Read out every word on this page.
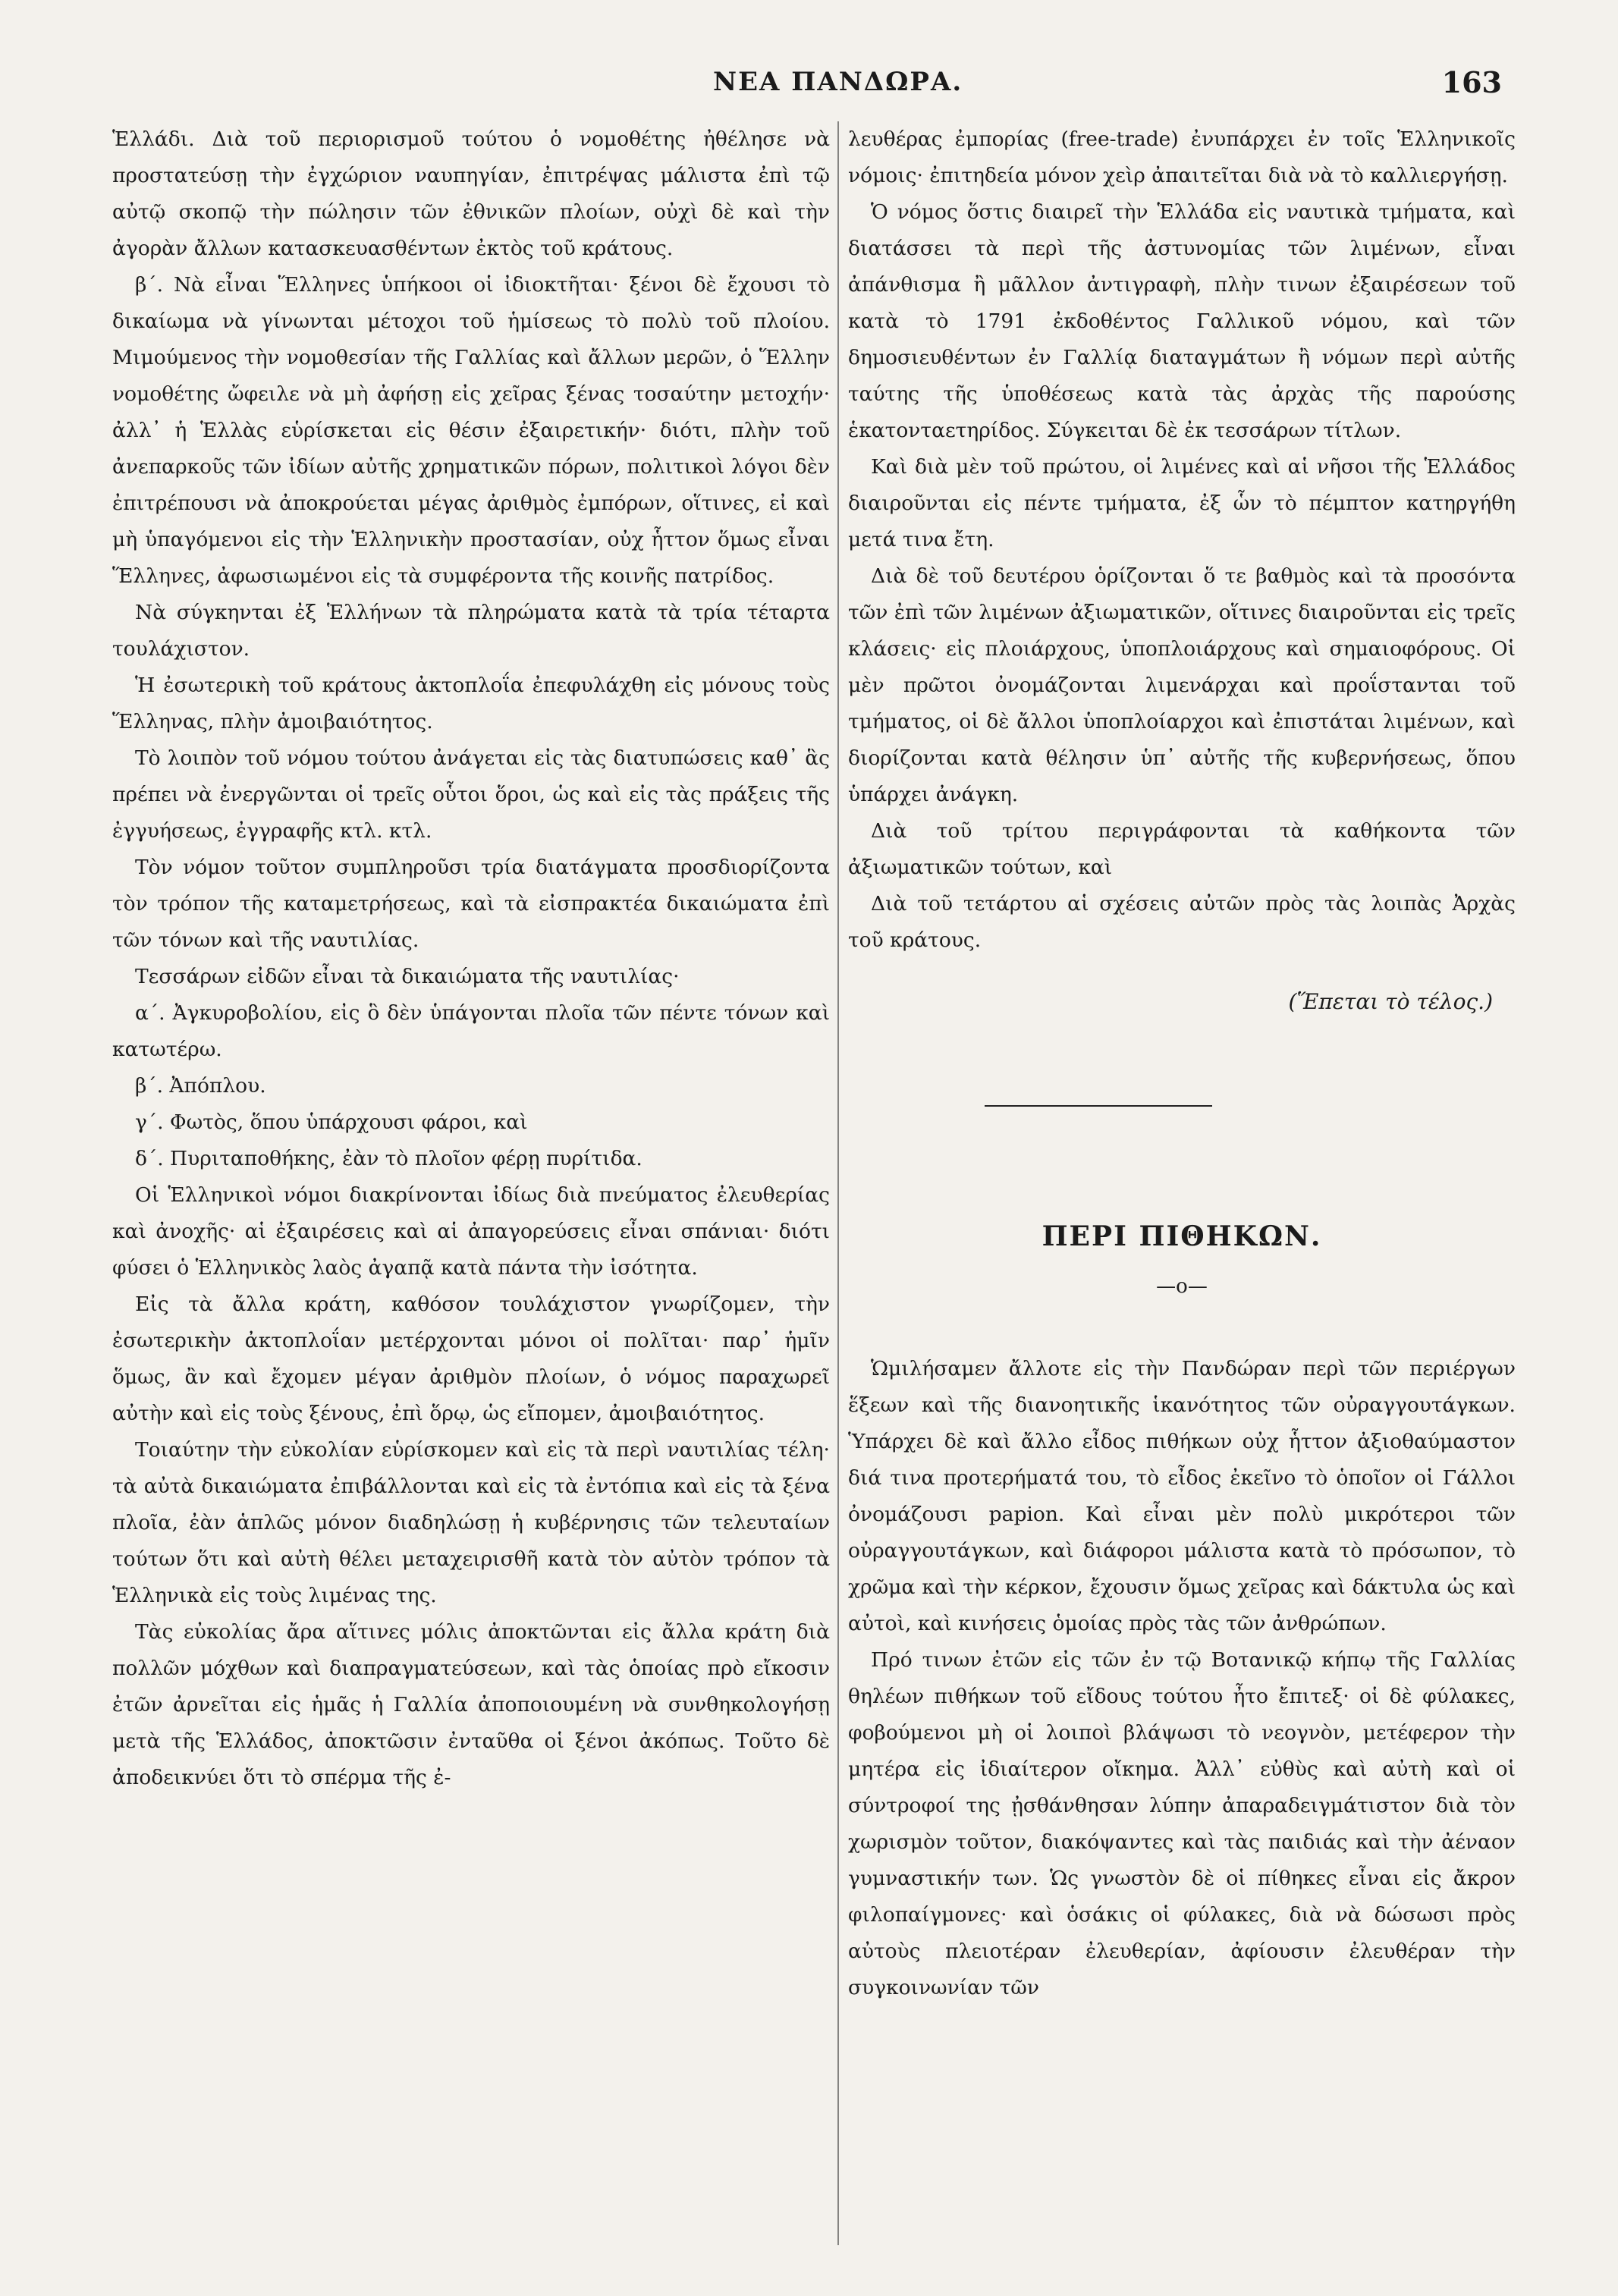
ΝΕΑ ΠΑΝΔΩΡΑ.	163

Ἑλλάδι. Διὰ τοῦ περιορισμοῦ τούτου ὁ νομοθέτης ἠθέλησε νὰ προστατεύσῃ τὴν ἐγχώριον ναυπηγίαν, ἐπιτρέψας μάλιστα ἐπὶ τῷ αὐτῷ σκοπῷ τὴν πώλησιν τῶν ἐθνικῶν πλοίων, οὐχὶ δὲ καὶ τὴν ἀγορὰν ἄλλων κατασκευασθέντων ἐκτὸς τοῦ κράτους.

β΄. Νὰ εἶναι Ἕλληνες ὑπήκοοι οἱ ἰδιοκτῆται· ξένοι δὲ ἔχουσι τὸ δικαίωμα νὰ γίνωνται μέτοχοι τοῦ ἡμίσεως τὸ πολὺ τοῦ πλοίου. Μιμούμενος τὴν νομοθεσίαν τῆς Γαλλίας καὶ ἄλλων μερῶν, ὁ Ἕλλην νομοθέτης ὤφειλε νὰ μὴ ἀφήσῃ εἰς χεῖρας ξένας τοσαύτην μετοχήν· ἀλλ᾽ ἡ Ἑλλὰς εὑρίσκεται εἰς θέσιν ἐξαιρετικήν· διότι, πλὴν τοῦ ἀνεπαρκοῦς τῶν ἰδίων αὐτῆς χρηματικῶν πόρων, πολιτικοὶ λόγοι δὲν ἐπιτρέπουσι νὰ ἀποκρούεται μέγας ἀριθμὸς ἐμπόρων, οἵτινες, εἰ καὶ μὴ ὑπαγόμενοι εἰς τὴν Ἑλληνικὴν προστασίαν, οὐχ ἧττον ὅμως εἶναι Ἕλληνες, ἀφωσιωμένοι εἰς τὰ συμφέροντα τῆς κοινῆς πατρίδος.

Νὰ σύγκηνται ἐξ Ἑλλήνων τὰ πληρώματα κατὰ τὰ τρία τέταρτα τουλάχιστον.

Ἡ ἐσωτερικὴ τοῦ κράτους ἀκτοπλοΐα ἐπεφυλάχθη εἰς μόνους τοὺς Ἕλληνας, πλὴν ἀμοιβαιότητος.

Τὸ λοιπὸν τοῦ νόμου τούτου ἀνάγεται εἰς τὰς διατυπώσεις καθ᾽ ἃς πρέπει νὰ ἐνεργῶνται οἱ τρεῖς οὗτοι ὅροι, ὡς καὶ εἰς τὰς πράξεις τῆς ἐγγυήσεως, ἐγγραφῆς κτλ. κτλ.

Τὸν νόμον τοῦτον συμπληροῦσι τρία διατάγματα προσδιορίζοντα τὸν τρόπον τῆς καταμετρήσεως, καὶ τὰ εἰσπρακτέα δικαιώματα ἐπὶ τῶν τόνων καὶ τῆς ναυτιλίας.

Τεσσάρων εἰδῶν εἶναι τὰ δικαιώματα τῆς ναυτιλίας·

α΄. Ἀγκυροβολίου, εἰς ὃ δὲν ὑπάγονται πλοῖα τῶν πέντε τόνων καὶ κατωτέρω.

β΄. Ἀπόπλου.

γ΄. Φωτὸς, ὅπου ὑπάρχουσι φάροι, καὶ

δ΄. Πυριταποθήκης, ἐὰν τὸ πλοῖον φέρῃ πυρίτιδα.

Οἱ Ἑλληνικοὶ νόμοι διακρίνονται ἰδίως διὰ πνεύματος ἐλευθερίας καὶ ἀνοχῆς· αἱ ἐξαιρέσεις καὶ αἱ ἀπαγορεύσεις εἶναι σπάνιαι· διότι φύσει ὁ Ἑλληνικὸς λαὸς ἀγαπᾷ κατὰ πάντα τὴν ἰσότητα.

Εἰς τὰ ἄλλα κράτη, καθόσον τουλάχιστον γνωρίζομεν, τὴν ἐσωτερικὴν ἀκτοπλοΐαν μετέρχονται μόνοι οἱ πολῖται· παρ᾽ ἡμῖν ὅμως, ἂν καὶ ἔχομεν μέγαν ἀριθμὸν πλοίων, ὁ νόμος παραχωρεῖ αὐτὴν καὶ εἰς τοὺς ξένους, ἐπὶ ὅρῳ, ὡς εἴπομεν, ἀμοιβαιότητος.

Τοιαύτην τὴν εὐκολίαν εὑρίσκομεν καὶ εἰς τὰ περὶ ναυτιλίας τέλη· τὰ αὐτὰ δικαιώματα ἐπιβάλλονται καὶ εἰς τὰ ἐντόπια καὶ εἰς τὰ ξένα πλοῖα, ἐὰν ἁπλῶς μόνον διαδηλώσῃ ἡ κυβέρνησις τῶν τελευταίων τούτων ὅτι καὶ αὐτὴ θέλει μεταχειρισθῆ κατὰ τὸν αὐτὸν τρόπον τὰ Ἑλληνικὰ εἰς τοὺς λιμένας της.

Τὰς εὐκολίας ἄρα αἵτινες μόλις ἀποκτῶνται εἰς ἄλλα κράτη διὰ πολλῶν μόχθων καὶ διαπραγματεύσεων, καὶ τὰς ὁποίας πρὸ εἴκοσιν ἐτῶν ἀρνεῖται εἰς ἡμᾶς ἡ Γαλλία ἀποποιουμένη νὰ συνθηκολογήσῃ μετὰ τῆς Ἑλλάδος, ἀποκτῶσιν ἐνταῦθα οἱ ξένοι ἀκόπως. Τοῦτο δὲ ἀποδεικνύει ὅτι τὸ σπέρμα τῆς ἐ-

λευθέρας ἐμπορίας (free-trade) ἐνυπάρχει ἐν τοῖς Ἑλληνικοῖς νόμοις· ἐπιτηδεία μόνον χεὶρ ἀπαιτεῖται διὰ νὰ τὸ καλλιεργήσῃ.

Ὁ νόμος ὅστις διαιρεῖ τὴν Ἑλλάδα εἰς ναυτικὰ τμήματα, καὶ διατάσσει τὰ περὶ τῆς ἀστυνομίας τῶν λιμένων, εἶναι ἀπάνθισμα ἢ μᾶλλον ἀντιγραφὴ, πλὴν τινων ἐξαιρέσεων τοῦ κατὰ τὸ 1791 ἐκδοθέντος Γαλλικοῦ νόμου, καὶ τῶν δημοσιευθέντων ἐν Γαλλίᾳ διαταγμάτων ἢ νόμων περὶ αὐτῆς ταύτης τῆς ὑποθέσεως κατὰ τὰς ἀρχὰς τῆς παρούσης ἑκατονταετηρίδος. Σύγκειται δὲ ἐκ τεσσάρων τίτλων.

Καὶ διὰ μὲν τοῦ πρώτου, οἱ λιμένες καὶ αἱ νῆσοι τῆς Ἑλλάδος διαιροῦνται εἰς πέντε τμήματα, ἐξ ὧν τὸ πέμπτον κατηργήθη μετά τινα ἔτη.

Διὰ δὲ τοῦ δευτέρου ὁρίζονται ὅ τε βαθμὸς καὶ τὰ προσόντα τῶν ἐπὶ τῶν λιμένων ἀξιωματικῶν, οἵτινες διαιροῦνται εἰς τρεῖς κλάσεις· εἰς πλοιάρχους, ὑποπλοιάρχους καὶ σημαιοφόρους. Οἱ μὲν πρῶτοι ὀνομάζονται λιμενάρχαι καὶ προΐστανται τοῦ τμήματος, οἱ δὲ ἄλλοι ὑποπλοίαρχοι καὶ ἐπιστάται λιμένων, καὶ διορίζονται κατὰ θέλησιν ὑπ᾽ αὐτῆς τῆς κυβερνήσεως, ὅπου ὑπάρχει ἀνάγκη.

Διὰ τοῦ τρίτου περιγράφονται τὰ καθήκοντα τῶν ἀξιωματικῶν τούτων, καὶ

Διὰ τοῦ τετάρτου αἱ σχέσεις αὐτῶν πρὸς τὰς λοιπὰς Ἀρχὰς τοῦ κράτους.

(Ἕπεται τὸ τέλος.)
ΠΕΡΙ ΠΙΘΗΚΩΝ.
—o—

Ὡμιλήσαμεν ἄλλοτε εἰς τὴν Πανδώραν περὶ τῶν περιέργων ἕξεων καὶ τῆς διανοητικῆς ἱκανότητος τῶν οὐραγγουτάγκων. Ὑπάρχει δὲ καὶ ἄλλο εἶδος πιθήκων οὐχ ἧττον ἀξιοθαύμαστον διά τινα προτερήματά του, τὸ εἶδος ἐκεῖνο τὸ ὁποῖον οἱ Γάλλοι ὀνομάζουσι papion. Καὶ εἶναι μὲν πολὺ μικρότεροι τῶν οὐραγγουτάγκων, καὶ διάφοροι μάλιστα κατὰ τὸ πρόσωπον, τὸ χρῶμα καὶ τὴν κέρκον, ἔχουσιν ὅμως χεῖρας καὶ δάκτυλα ὡς καὶ αὐτοὶ, καὶ κινήσεις ὁμοίας πρὸς τὰς τῶν ἀνθρώπων.

Πρό τινων ἐτῶν εἰς τῶν ἐν τῷ Βοτανικῷ κήπῳ τῆς Γαλλίας θηλέων πιθήκων τοῦ εἴδους τούτου ἦτο ἔπιτεξ· οἱ δὲ φύλακες, φοβούμενοι μὴ οἱ λοιποὶ βλάψωσι τὸ νεογνὸν, μετέφερον τὴν μητέρα εἰς ἰδιαίτερον οἴκημα. Ἀλλ᾽ εὐθὺς καὶ αὐτὴ καὶ οἱ σύντροφοί της ᾐσθάνθησαν λύπην ἀπαραδειγμάτιστον διὰ τὸν χωρισμὸν τοῦτον, διακόψαντες καὶ τὰς παιδιάς καὶ τὴν ἀέναον γυμναστικήν των. Ὡς γνωστὸν δὲ οἱ πίθηκες εἶναι εἰς ἄκρον φιλοπαίγμονες· καὶ ὁσάκις οἱ φύλακες, διὰ νὰ δώσωσι πρὸς αὐτοὺς πλειοτέραν ἐλευθερίαν, ἀφίουσιν ἐλευθέραν τὴν συγκοινωνίαν τῶν
